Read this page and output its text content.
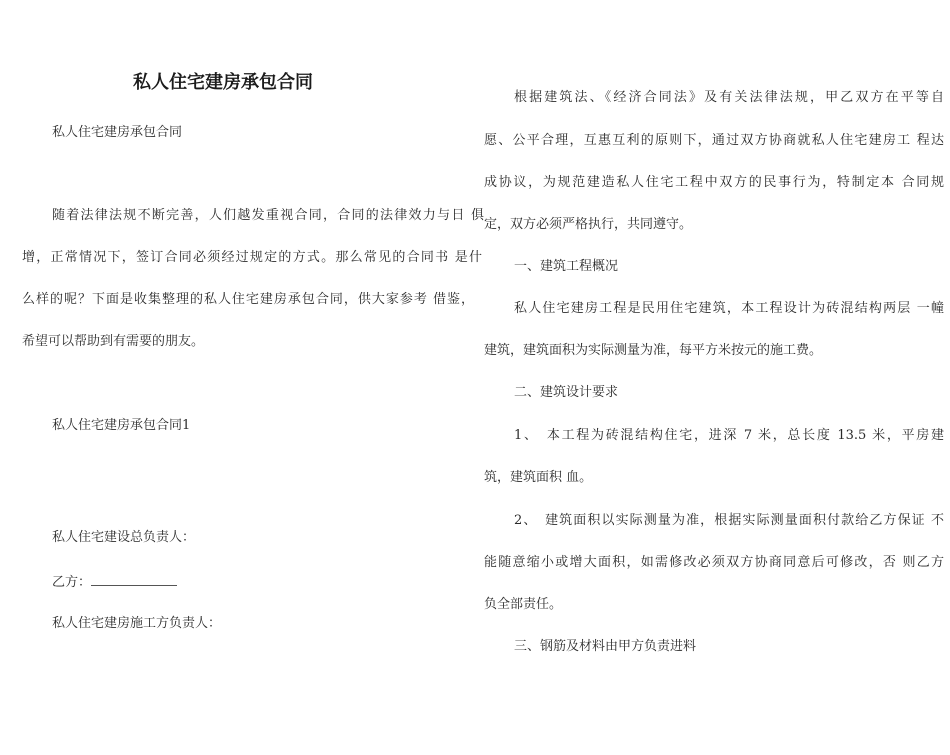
私人住宅建房承包合同
私人住宅建房承包合同
随着法律法规不断完善，人们越发重视合同，合同的法律效力与日 俱
增，正常情况下，签订合同必须经过规定的方式。那么常见的合同书 是什
么样的呢？下面是收集整理的私人住宅建房承包合同，供大家参考 借鉴，
希望可以帮助到有需要的朋友。
私人住宅建房承包合同1
私人住宅建设总负责人：
乙方：
私人住宅建房施工方负责人：
根据建筑法、《经济合同法》及有关法律法规，甲乙双方在平等自
愿、公平合理，互惠互利的原则下，通过双方协商就私人住宅建房工 程达
成协议，为规范建造私人住宅工程中双方的民事行为，特制定本 合同规
定，双方必须严格执行，共同遵守。
一、建筑工程概况
私人住宅建房工程是民用住宅建筑，本工程设计为砖混结构两层 一幢
建筑，建筑面积为实际测量为准，每平方米按元的施工费。
二、建筑设计要求
1、　本工程为砖混结构住宅，进深 7 米，总长度 13.5 米，平房建
筑，建筑面积 血。
2、　建筑面积以实际测量为准，根据实际测量面积付款给乙方保证 不
能随意缩小或增大面积，如需修改必须双方协商同意后可修改，否 则乙方
负全部责任。
三、钢筋及材料由甲方负责进料
